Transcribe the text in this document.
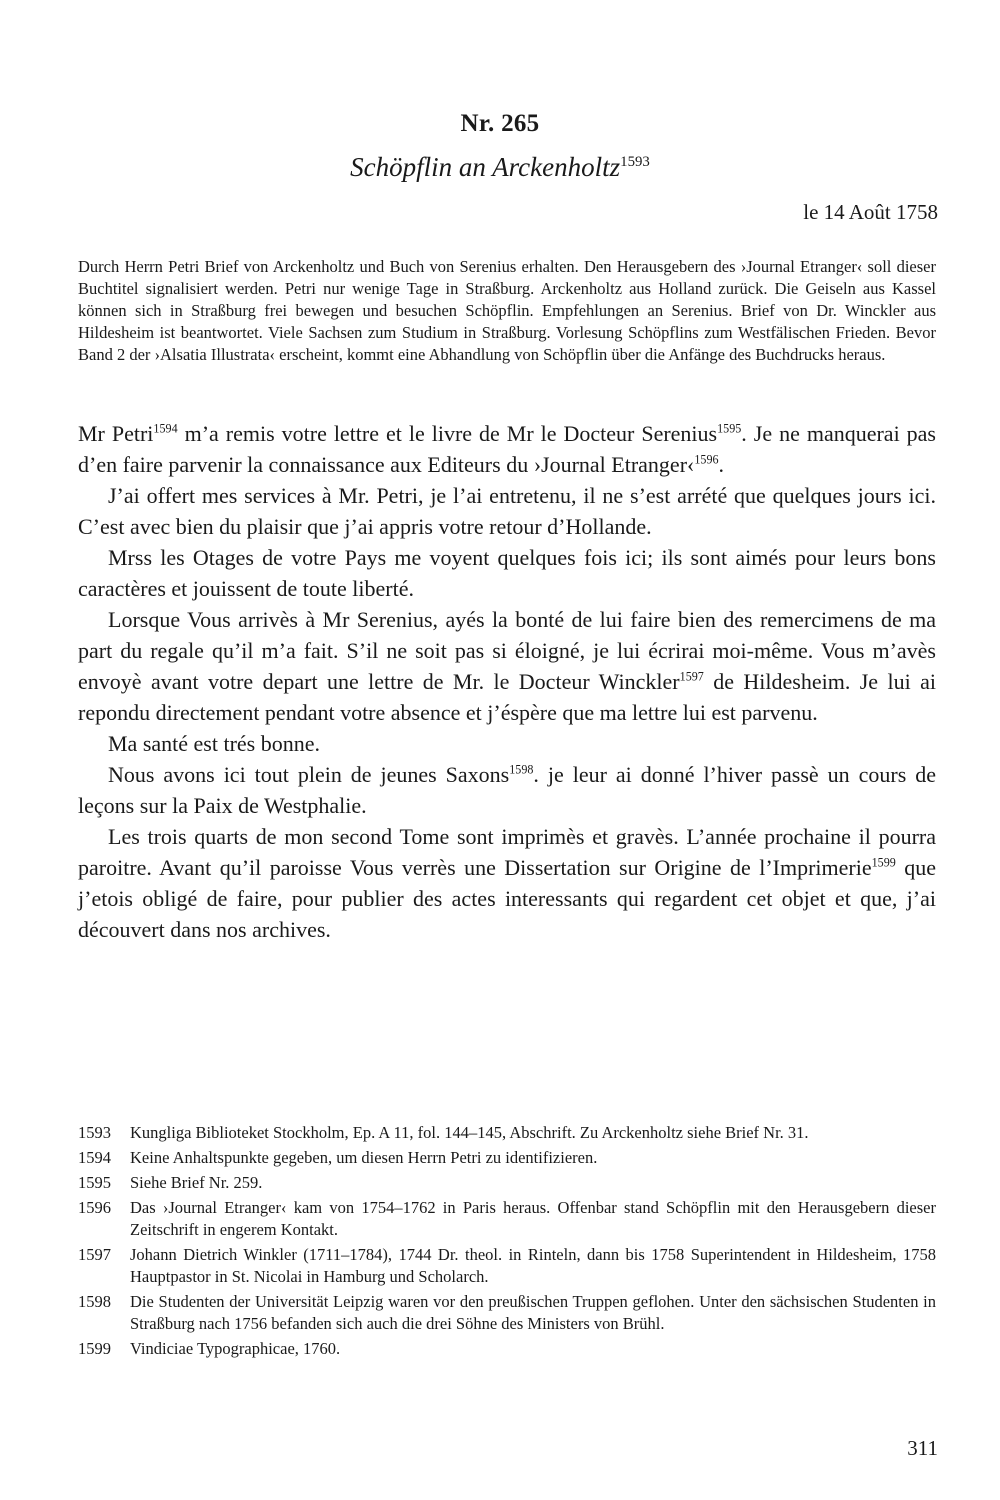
Nr. 265
Schöpflin an Arckenholtz$^{1593}$
le 14 Août 1758
Durch Herrn Petri Brief von Arckenholtz und Buch von Serenius erhalten. Den Herausgebern des ›Journal Etranger‹ soll dieser Buchtitel signalisiert werden. Petri nur wenige Tage in Straßburg. Arckenholtz aus Holland zurück. Die Geiseln aus Kassel können sich in Straßburg frei bewegen und besuchen Schöpflin. Empfehlungen an Serenius. Brief von Dr. Winckler aus Hildesheim ist beantwortet. Viele Sachsen zum Studium in Straßburg. Vorlesung Schöpflins zum Westfälischen Frieden. Bevor Band 2 der ›Alsatia Illustrata‹ erscheint, kommt eine Abhandlung von Schöpflin über die Anfänge des Buchdrucks heraus.

Mr Petri$^{1594}$ m’a remis votre lettre et le livre de Mr le Docteur Serenius$^{1595}$. Je ne manquerai pas d’en faire parvenir la connaissance aux Editeurs du ›Journal Etranger‹$^{1596}$.

J’ai offert mes services à Mr. Petri, je l’ai entretenu, il ne s’est arrété que quelques jours ici. C’est avec bien du plaisir que j’ai appris votre retour d’Hollande.

Mrss les Otages de votre Pays me voyent quelques fois ici; ils sont aimés pour leurs bons caractères et jouissent de toute liberté.

Lorsque Vous arrivès à Mr Serenius, ayés la bonté de lui faire bien des remercimens de ma part du regale qu’il m’a fait. S’il ne soit pas si éloigné, je lui écrirai moi-même. Vous m’avès envoyè avant votre depart une lettre de Mr. le Docteur Winckler$^{1597}$ de Hildesheim. Je lui ai repondu directement pendant votre absence et j’éspère que ma lettre lui est parvenu.

Ma santé est trés bonne.

Nous avons ici tout plein de jeunes Saxons$^{1598}$. je leur ai donné l’hiver passè un cours de leçons sur la Paix de Westphalie.

Les trois quarts de mon second Tome sont imprimès et gravès. L’année prochaine il pourra paroitre. Avant qu’il paroisse Vous verrès une Dissertation sur Origine de l’Imprimerie$^{1599}$ que j’etois obligé de faire, pour publier des actes interessants qui regardent cet objet et que, j’ai découvert dans nos archives.

1593	Kungliga Biblioteket Stockholm, Ep. A 11, fol. 144–145, Abschrift. Zu Arckenholtz siehe Brief Nr. 31.
1594	Keine Anhaltspunkte gegeben, um diesen Herrn Petri zu identifizieren.
1595	Siehe Brief Nr. 259.
1596	Das ›Journal Etranger‹ kam von 1754–1762 in Paris heraus. Offenbar stand Schöpflin mit den Herausgebern dieser Zeitschrift in engerem Kontakt.
1597	Johann Dietrich Winkler (1711–1784), 1744 Dr. theol. in Rinteln, dann bis 1758 Superintendent in Hildesheim, 1758 Hauptpastor in St. Nicolai in Hamburg und Scholarch.
1598	Die Studenten der Universität Leipzig waren vor den preußischen Truppen geflohen. Unter den sächsischen Studenten in Straßburg nach 1756 befanden sich auch die drei Söhne des Ministers von Brühl.
1599	Vindiciae Typographicae, 1760.
311
